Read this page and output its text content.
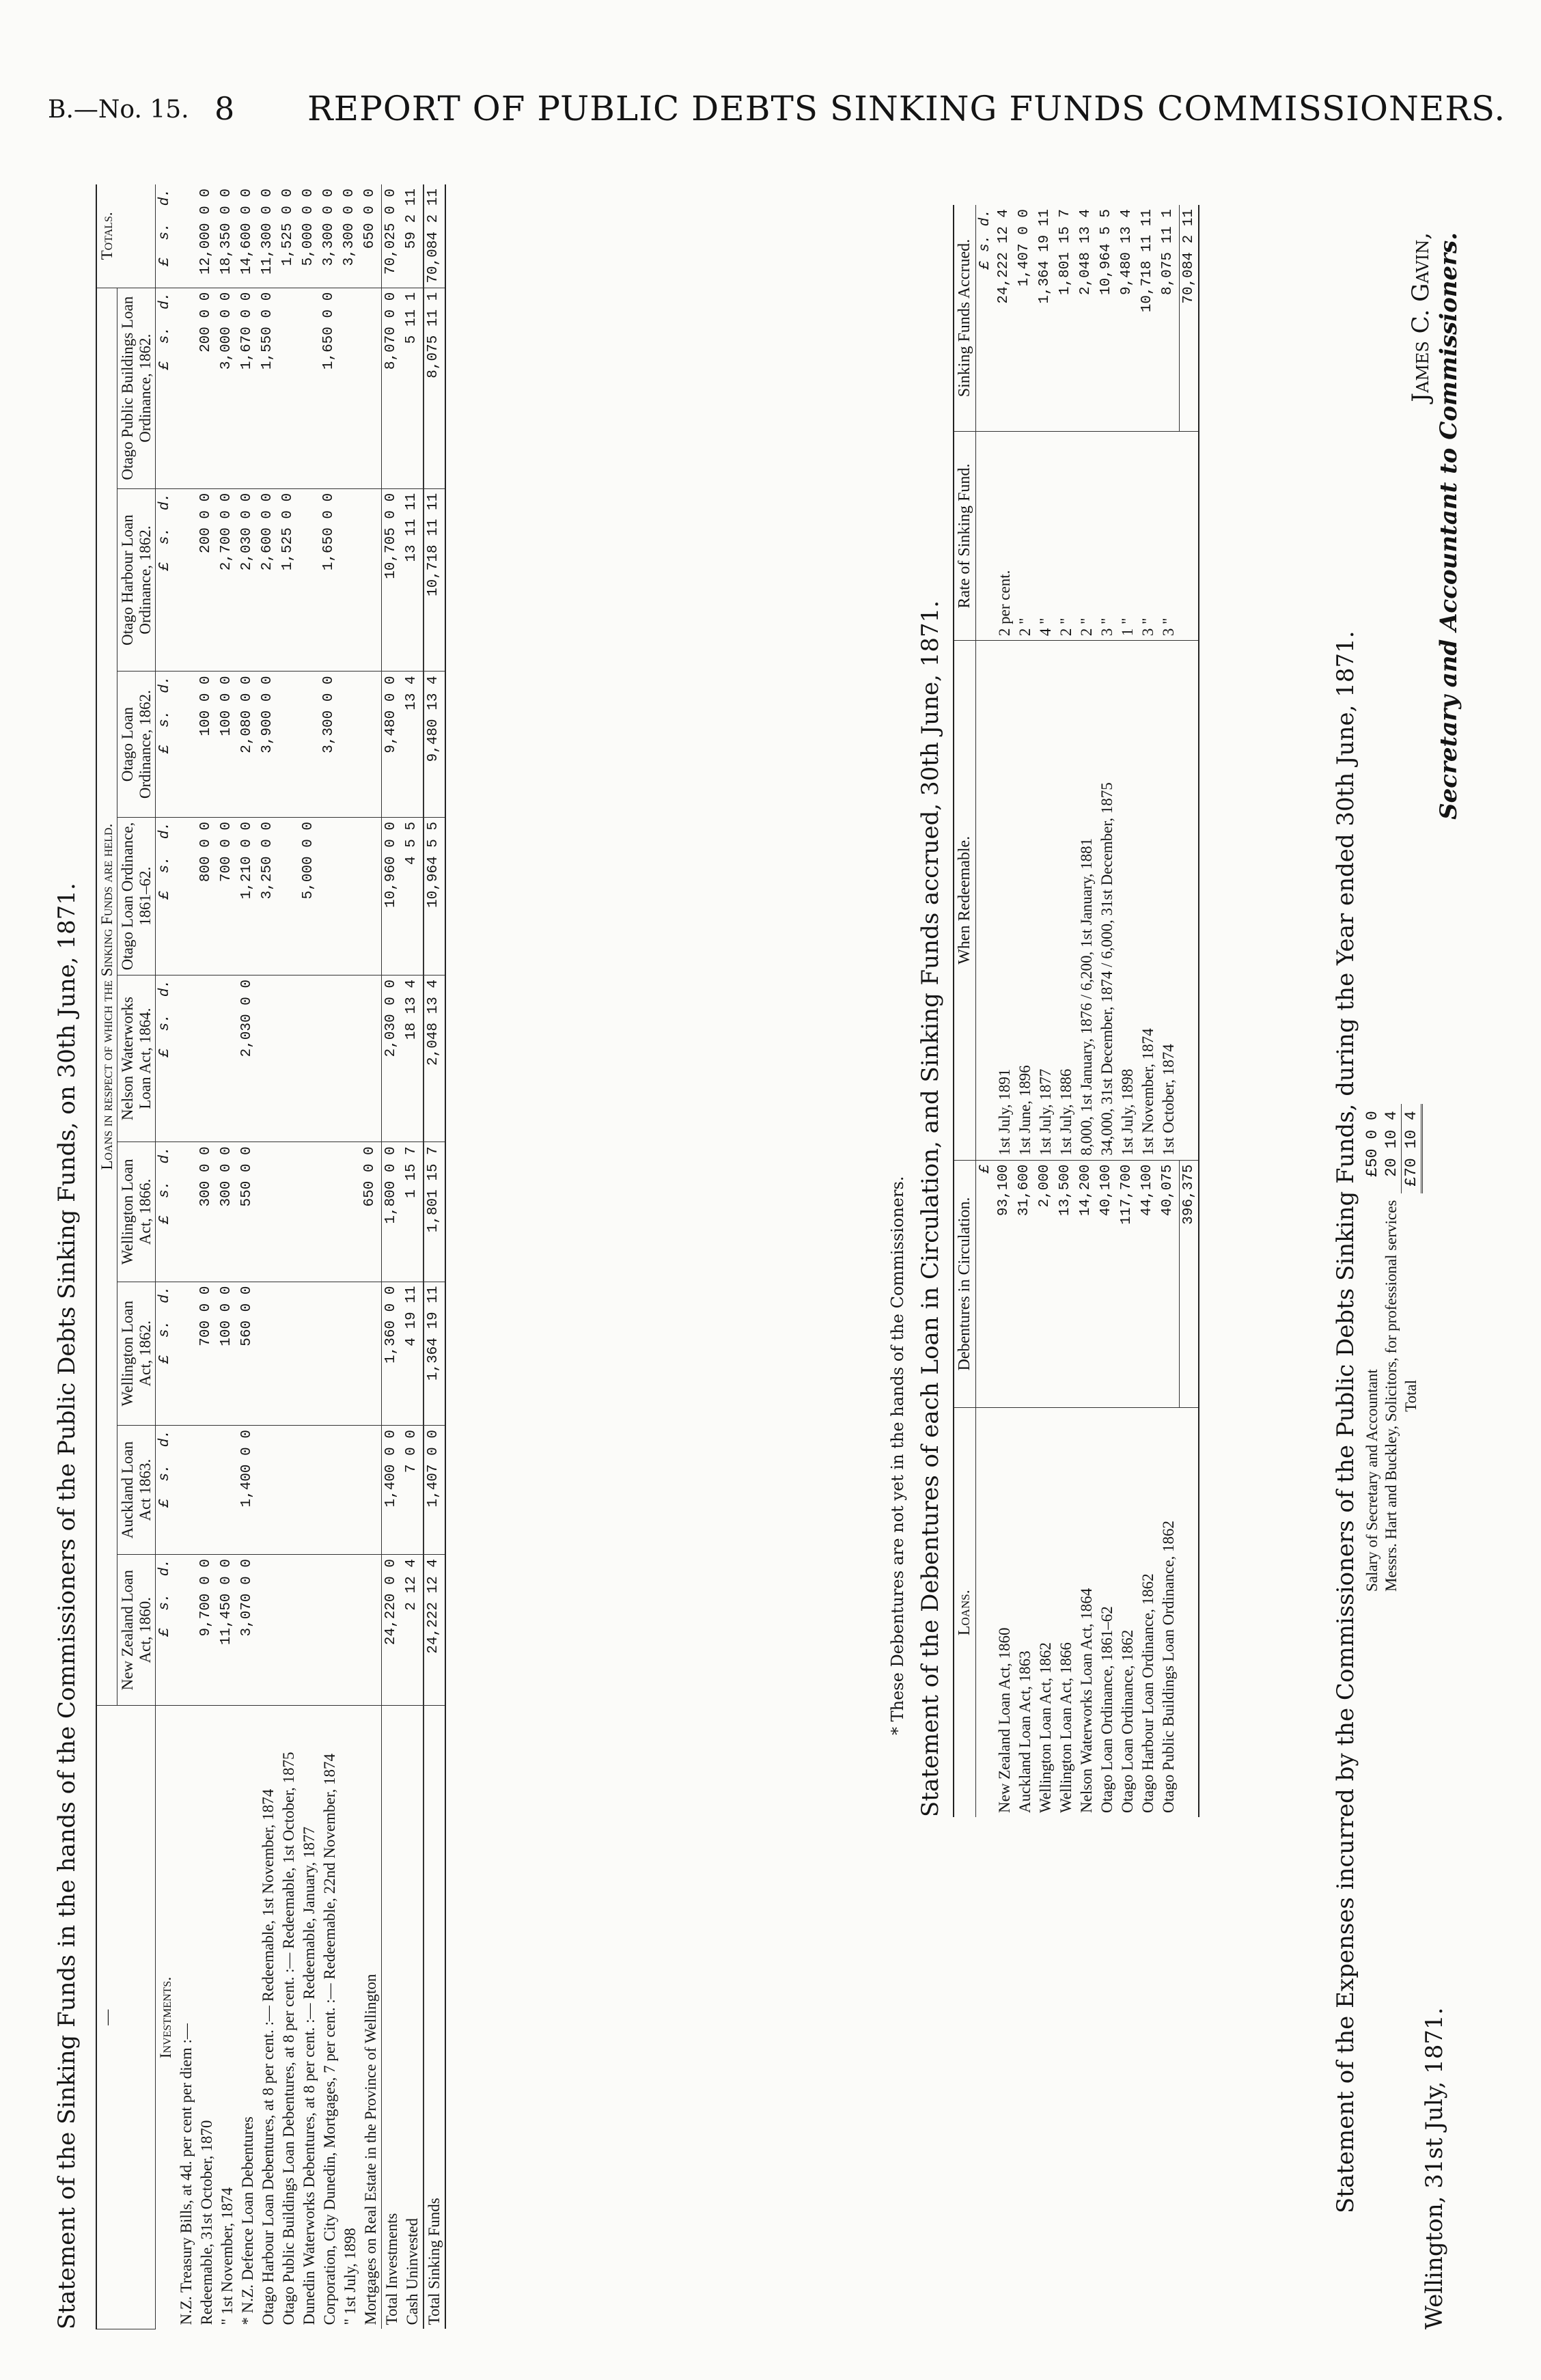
B.—No. 15. 8 REPORT OF PUBLIC DEBTS SINKING FUNDS COMMISSIONERS.
Statement of the Sinking Funds in the hands of the Commissioners of the Public Debts Sinking Funds, on 30th June, 1871. —	Loans in respect of which the Sinking Funds are held.									Totals.
	New Zealand Loan Act, 1860.	Auckland Loan Act 1863.	Wellington Loan Act, 1862.	Wellington Loan Act, 1866.	Nelson Waterworks Loan Act, 1864.	Otago Loan Ordinance, 1861–62.	Otago Loan Ordinance, 1862.	Otago Harbour Loan Ordinance, 1862.	Otago Public Buildings Loan Ordinance, 1862.	
Investments.	£  s.  d.	£  s.  d.	£  s.  d.	£  s.  d.	£  s.  d.	£  s.  d.	£  s.  d.	£  s.  d.	£  s.  d.	£  s.  d.
N.Z. Treasury Bills, at 4d. per cent per diem :—										
Redeemable, 31st October, 1870	9,700 0 0		700 0 0	300 0 0		800 0 0	100 0 0	200 0 0	200 0 0	12,000 0 0
" 1st November, 1874	11,450 0 0		100 0 0	300 0 0		700 0 0	100 0 0	2,700 0 0	3,000 0 0	18,350 0 0
* N.Z. Defence Loan Debentures	3,070 0 0	1,400 0 0	560 0 0	550 0 0	2,030 0 0	1,210 0 0	2,080 0 0	2,030 0 0	1,670 0 0	14,600 0 0
Otago Harbour Loan Debentures, at 8 per cent. :— Redeemable, 1st November, 1874						3,250 0 0	3,900 0 0	2,600 0 0	1,550 0 0	11,300 0 0
Otago Public Buildings Loan Debentures, at 8 per cent. :— Redeemable, 1st October, 1875								1,525 0 0		1,525 0 0
Dunedin Waterworks Debentures, at 8 per cent. :— Redeemable, January, 1877						5,000 0 0				5,000 0 0
Corporation, City Dunedin, Mortgages, 7 per cent. :— Redeemable, 22nd November, 1874							3,300 0 0	1,650 0 0	1,650 0 0	3,300 0 0
" 1st July, 1898										3,300 0 0
Mortgages on Real Estate in the Province of Wellington				650 0 0						650 0 0
Total Investments	24,220 0 0	1,400 0 0	1,360 0 0	1,800 0 0	2,030 0 0	10,960 0 0	9,480 0 0	10,705 0 0	8,070 0 0	70,025 0 0
Cash Uninvested	2 12 4	7 0 0	4 19 11	1 15 7	18 13 4	4 5 5	13 4	13 11 11	5 11 1	59 2 11
Total Sinking Funds	24,222 12 4	1,407 0 0	1,364 19 11	1,801 15 7	2,048 13 4	10,964 5 5	9,480 13 4	10,718 11 11	8,075 11 1	70,084 2 11
* These Debentures are not yet in the hands of the Commissioners. Statement of the Debentures of each Loan in Circulation, and Sinking Funds accrued, 30th June, 1871. Loans.	Debentures in Circulation.	When Redeemable.	Rate of Sinking Fund.	Sinking Funds Accrued.
	£			£ s. d.
New Zealand Loan Act, 1860	93,100	1st July, 1891	2 per cent.	24,222 12 4
Auckland Loan Act, 1863	31,600	1st June, 1896	2 "	1,407 0 0
Wellington Loan Act, 1862	2,000	1st July, 1877	4 "	1,364 19 11
Wellington Loan Act, 1866	13,500	1st July, 1886	2 "	1,801 15 7
Nelson Waterworks Loan Act, 1864	14,200	8,000, 1st January, 1876 / 6,200, 1st January, 1881	2 "	2,048 13 4
Otago Loan Ordinance, 1861–62	40,100	34,000, 31st December, 1874 / 6,000, 31st December, 1875	3 "	10,964 5 5
Otago Loan Ordinance, 1862	117,700	1st July, 1898	1 "	9,480 13 4
Otago Harbour Loan Ordinance, 1862	44,100	1st November, 1874	3 "	10,718 11 11
Otago Public Buildings Loan Ordinance, 1862	40,075	1st October, 1874	3 "	8,075 11 1
	396,375			70,084 2 11
Statement of the Expenses incurred by the Commissioners of the Public Debts Sinking Funds, during the Year ended 30th June, 1871. Salary of Secretary and Accountant	£50 0 0
Messrs. Hart and Buckley, Solicitors, for professional services	20 10 4
Total	£70 10 4
Wellington, 31st July, 1871.
James C. Gavin, Secretary and Accountant to Commissioners.
